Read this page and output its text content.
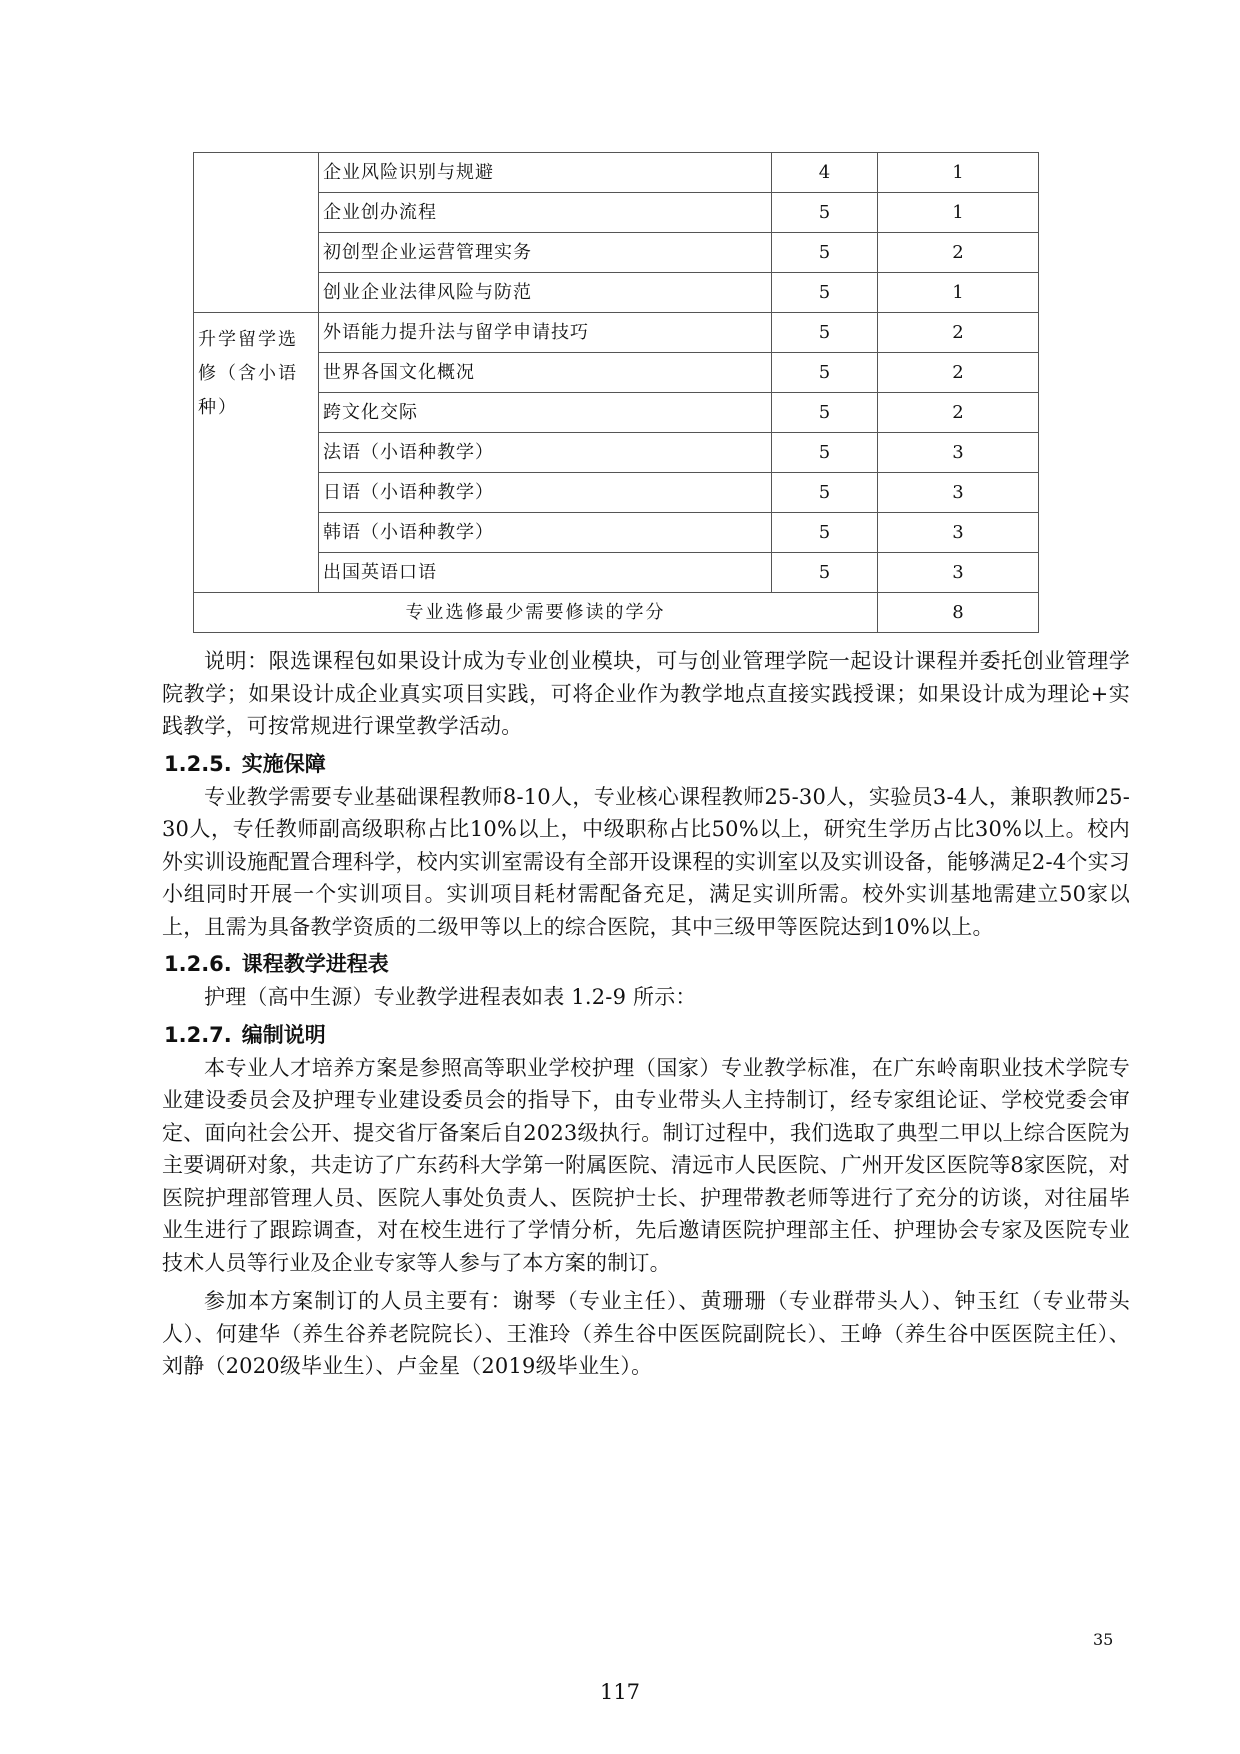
	企业风险识别与规避	4	1
	企业创办流程	5	1
	初创型企业运营管理实务	5	2
	创业企业法律风险与防范	5	1

升学留学选
修（含小语
种）	外语能力提升法与留学申请技巧	5	2
	世界各国文化概况	5	2
	跨文化交际	5	2
	法语（小语种教学）	5	3
	日语（小语种教学）	5	3
	韩语（小语种教学）	5	3
	出国英语口语	5	3
专业选修最少需要修读的学分			8

说明：限选课程包如果设计成为专业创业模块，可与创业管理学院一起设计课程并委托创业管理学院教学；如果设计成企业真实项目实践，可将企业作为教学地点直接实践授课；如果设计成为理论+实践教学，可按常规进行课堂教学活动。

1.2.5. 实施保障

专业教学需要专业基础课程教师8-10人，专业核心课程教师25-30人，实验员3-4人，兼职教师25-30人，专任教师副高级职称占比10%以上，中级职称占比50%以上，研究生学历占比30%以上。校内外实训设施配置合理科学，校内实训室需设有全部开设课程的实训室以及实训设备，能够满足2-4个实习小组同时开展一个实训项目。实训项目耗材需配备充足，满足实训所需。校外实训基地需建立50家以上，且需为具备教学资质的二级甲等以上的综合医院，其中三级甲等医院达到10%以上。

1.2.6. 课程教学进程表

护理（高中生源）专业教学进程表如表 1.2-9 所示：

1.2.7. 编制说明

本专业人才培养方案是参照高等职业学校护理（国家）专业教学标准，在广东岭南职业技术学院专业建设委员会及护理专业建设委员会的指导下，由专业带头人主持制订，经专家组论证、学校党委会审定、面向社会公开、提交省厅备案后自2023级执行。制订过程中，我们选取了典型二甲以上综合医院为主要调研对象，共走访了广东药科大学第一附属医院、清远市人民医院、广州开发区医院等8家医院，对医院护理部管理人员、医院人事处负责人、医院护士长、护理带教老师等进行了充分的访谈，对往届毕业生进行了跟踪调查，对在校生进行了学情分析，先后邀请医院护理部主任、护理协会专家及医院专业技术人员等行业及企业专家等人参与了本方案的制订。

参加本方案制订的人员主要有：谢琴（专业主任）、黄珊珊（专业群带头人）、钟玉红（专业带头人）、何建华（养生谷养老院院长）、王淮玲（养生谷中医医院副院长）、王峥（养生谷中医医院主任）、刘静（2020级毕业生）、卢金星（2019级毕业生）。

35
117
